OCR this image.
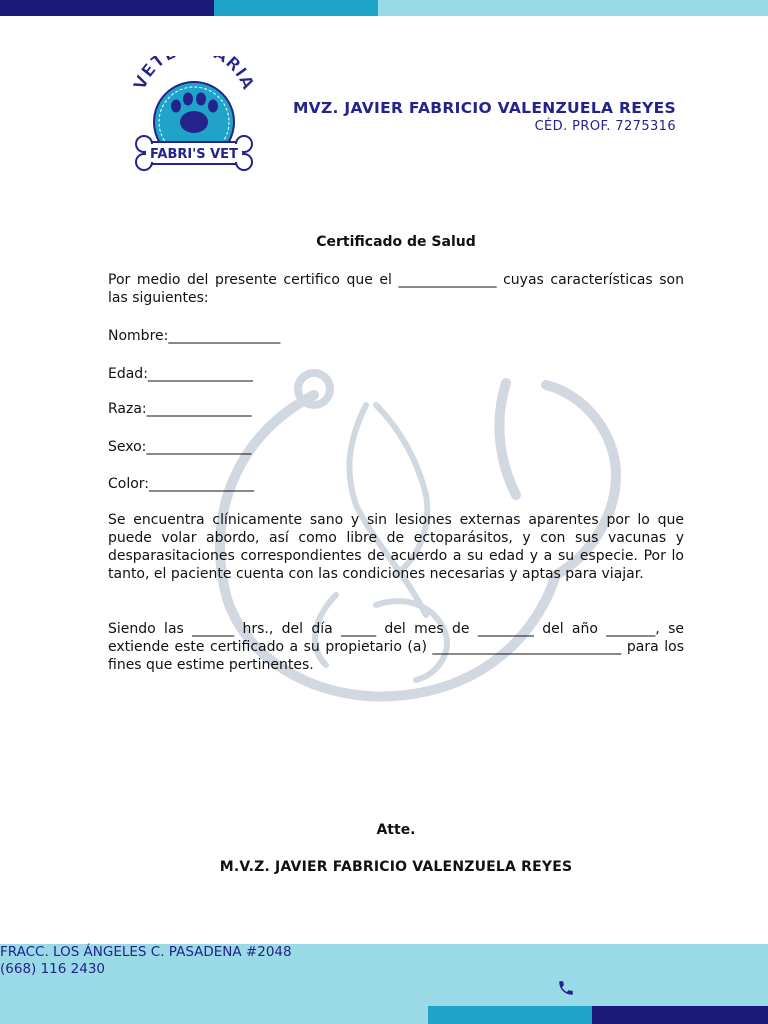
VET RIA
FABRI'S VET
MVZ. JAVIER FABRICIO VALENZUELA REYES
CÉD. PROF. 7275316
Certificado de Salud
Por medio del presente certifico que el ______________ cuyas características son las siguientes:
Nombre:________________
Edad:_______________
Raza:_______________
Sexo:_______________
Color:_______________
Se encuentra clínicamente sano y sin lesiones externas aparentes por lo que puede volar abordo, así como libre de ectoparásitos, y con sus vacunas y desparasitaciones correspondientes de acuerdo a su edad y a su especie. Por lo tanto, el paciente cuenta con las condiciones necesarias y aptas para viajar.
Siendo las ______ hrs., del día _____ del mes de ________ del año _______, se extiende este certificado a su propietario (a) ___________________________ para los fines que estime pertinentes.
Atte.
M.V.Z. JAVIER FABRICIO VALENZUELA REYES
FRACC. LOS ÁNGELES C. PASADENA #2048
(668) 116 2430
